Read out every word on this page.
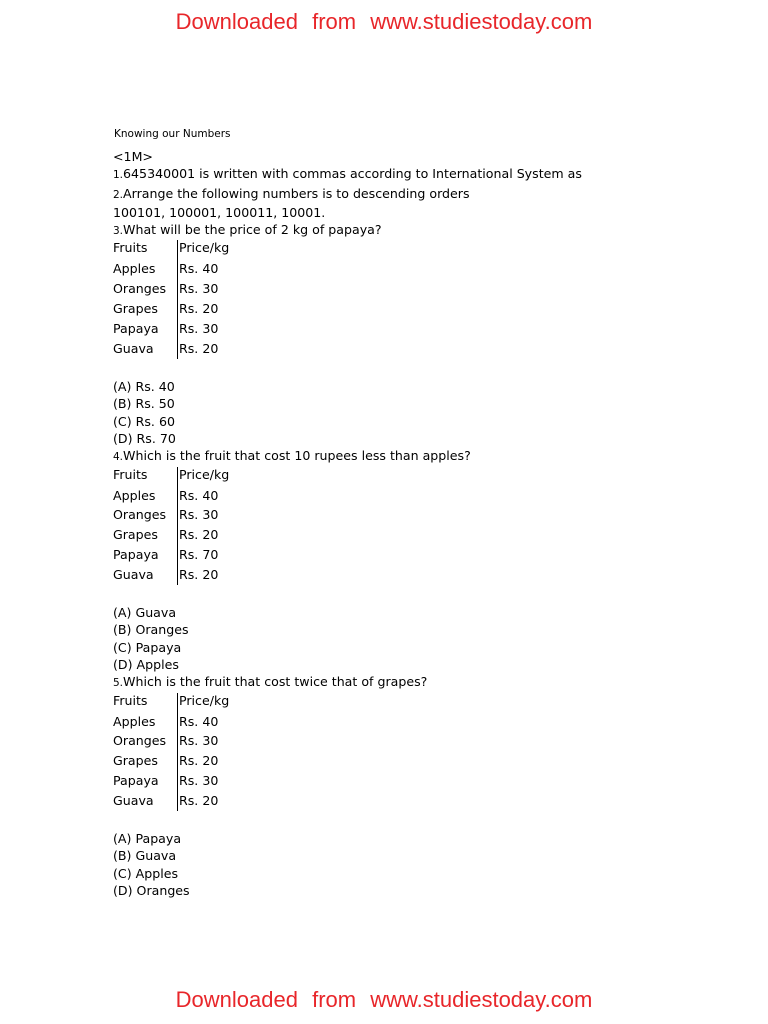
Downloaded from www.studiestoday.com
Knowing our Numbers
<1M>
1.645340001 is written with commas according to International System as
2.Arrange the following numbers is to descending orders
100101, 100001, 100011, 10001.
3.What will be the price of 2 kg of papaya?
Fruits	Price/kg
Apples	Rs. 40
Oranges	Rs. 30
Grapes	Rs. 20
Papaya	Rs. 30
Guava	Rs. 20
(A) Rs. 40
(B) Rs. 50
(C) Rs. 60
(D) Rs. 70
4.Which is the fruit that cost 10 rupees less than apples?
Fruits	Price/kg
Apples	Rs. 40
Oranges	Rs. 30
Grapes	Rs. 20
Papaya	Rs. 70
Guava	Rs. 20
(A) Guava
(B) Oranges
(C) Papaya
(D) Apples
5.Which is the fruit that cost twice that of grapes?
Fruits	Price/kg
Apples	Rs. 40
Oranges	Rs. 30
Grapes	Rs. 20
Papaya	Rs. 30
Guava	Rs. 20
(A) Papaya
(B) Guava
(C) Apples
(D) Oranges
Downloaded from www.studiestoday.com
